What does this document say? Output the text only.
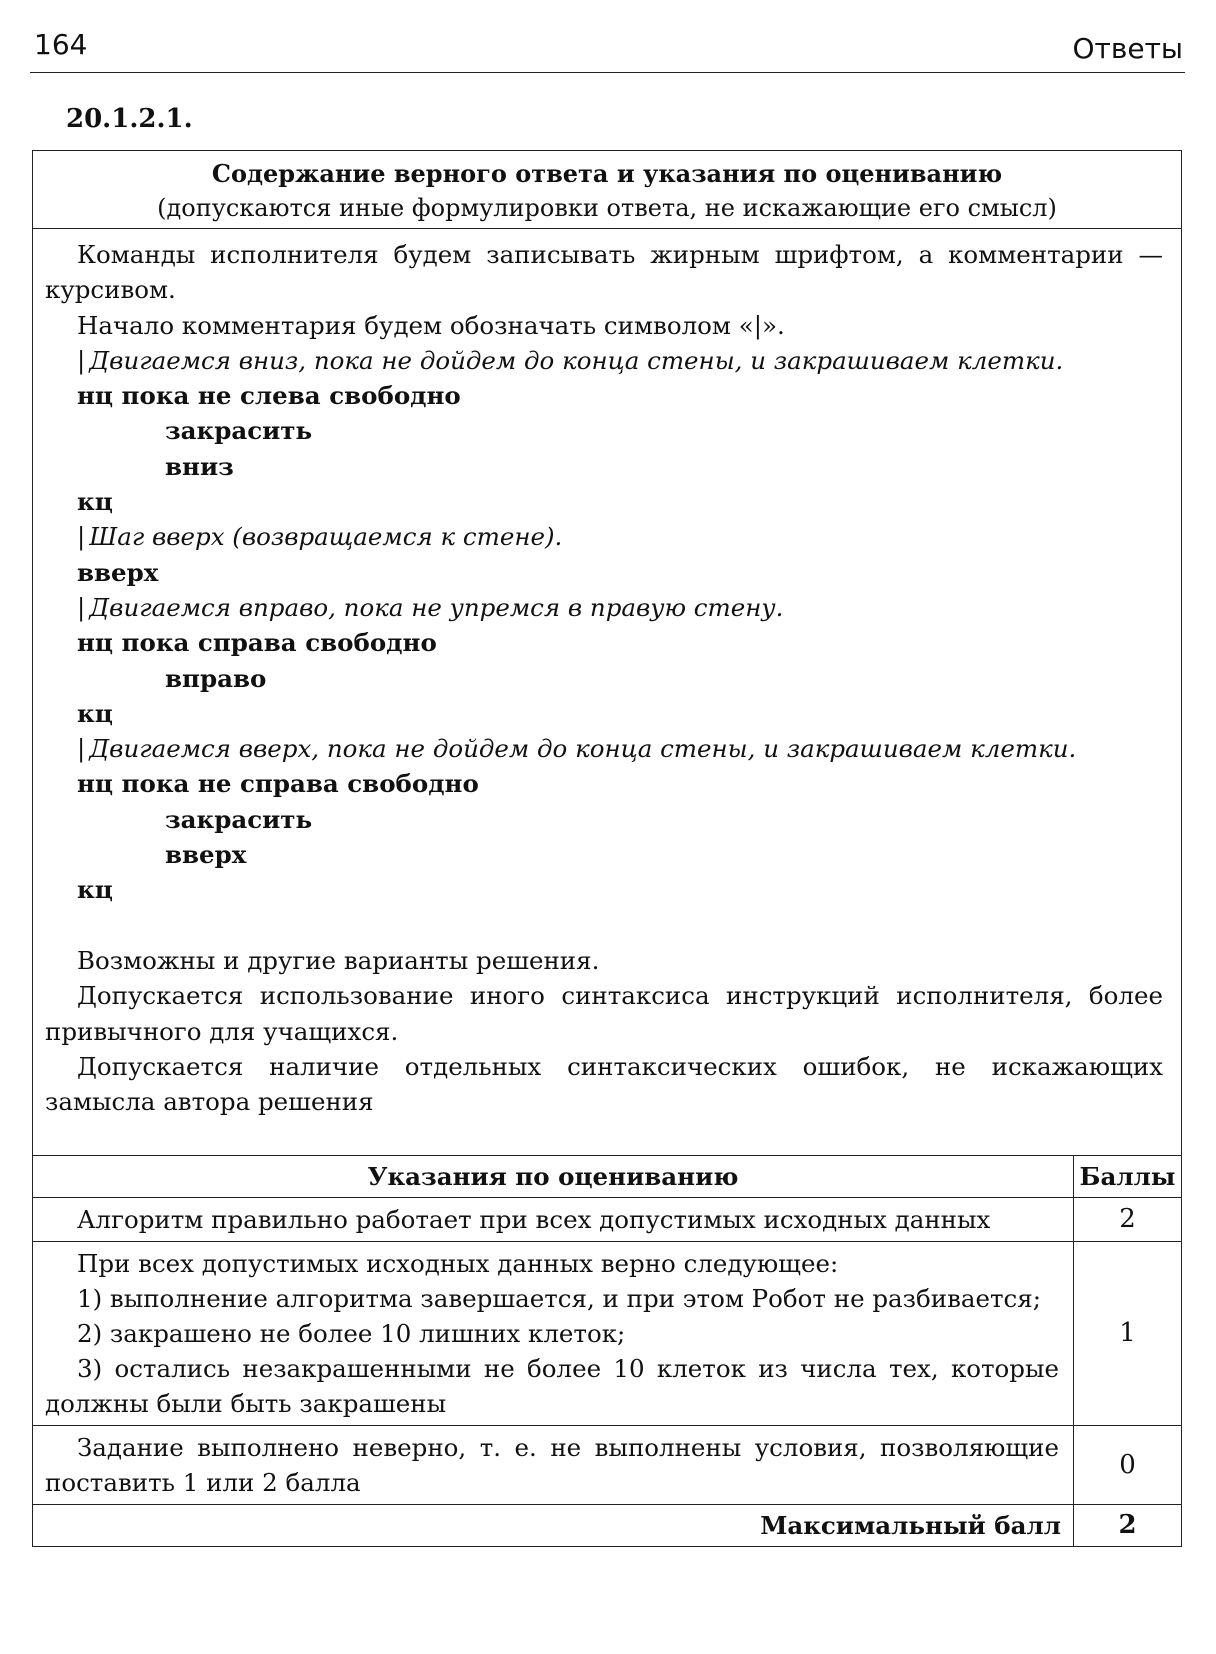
164	Ответы
20.1.2.1.
Содержание верного ответа и указания по оцениванию
(допускаются иные формулировки ответа, не искажающие его смысл)
Команды исполнителя будем записывать жирным шрифтом, а комментарии — курсивом.
Начало комментария будем обозначать символом «|».
| Двигаемся вниз, пока не дойдем до конца стены, и закрашиваем клетки.
нц пока не слева свободно
закрасить
вниз
кц
| Шаг вверх (возвращаемся к стене).
вверх
| Двигаемся вправо, пока не упремся в правую стену.
нц пока справа свободно
вправо
кц
| Двигаемся вверх, пока не дойдем до конца стены, и закрашиваем клетки.
нц пока не справа свободно
закрасить
вверх
кц
Возможны и другие варианты решения.
Допускается использование иного синтаксиса инструкций исполнителя, более привычного для учащихся.
Допускается наличие отдельных синтаксических ошибок, не искажающих замысла автора решения
Указания по оцениванию	Баллы

Алгоритм правильно работает при всех допустимых исходных данных	2

При всех допустимых исходных данных верно следующее:
1) выполнение алгоритма завершается, и при этом Робот не разбивается;
2) закрашено не более 10 лишних клеток;
3) остались незакрашенными не более 10 клеток из числа тех, которые должны были быть закрашены	1

Задание выполнено неверно, т. е. не выполнены условия, позволяющие поставить 1 или 2 балла	0
Максимальный балл	2
